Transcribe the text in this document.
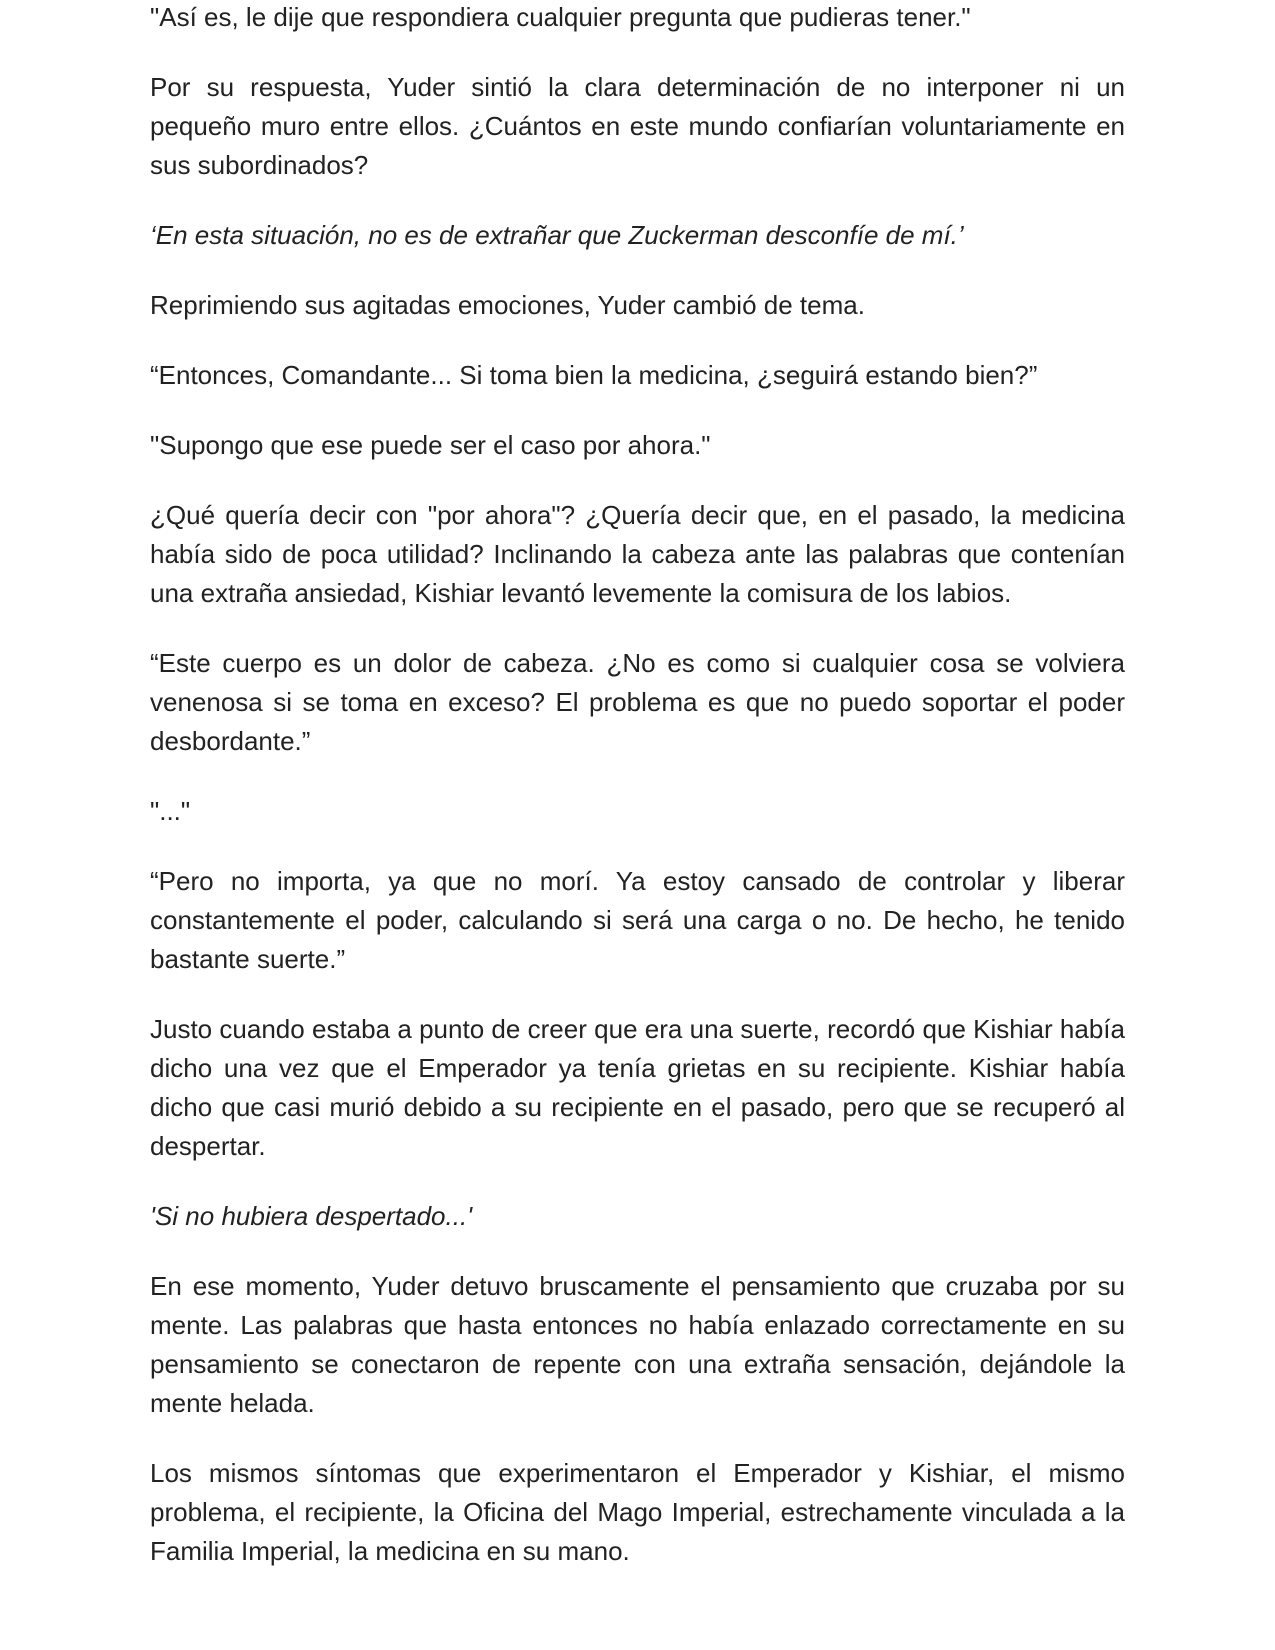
"Así es, le dije que respondiera cualquier pregunta que pudieras tener."

Por su respuesta, Yuder sintió la clara determinación de no interponer ni un pequeño muro entre ellos. ¿Cuántos en este mundo confiarían voluntariamente en sus subordinados?

‘En esta situación, no es de extrañar que Zuckerman desconfíe de mí.’

Reprimiendo sus agitadas emociones, Yuder cambió de tema.

“Entonces, Comandante... Si toma bien la medicina, ¿seguirá estando bien?”

"Supongo que ese puede ser el caso por ahora."

¿Qué quería decir con "por ahora"? ¿Quería decir que, en el pasado, la medicina había sido de poca utilidad? Inclinando la cabeza ante las palabras que contenían una extraña ansiedad, Kishiar levantó levemente la comisura de los labios.

“Este cuerpo es un dolor de cabeza. ¿No es como si cualquier cosa se volviera venenosa si se toma en exceso? El problema es que no puedo soportar el poder desbordante.”

"..."

“Pero no importa, ya que no morí. Ya estoy cansado de controlar y liberar constantemente el poder, calculando si será una carga o no. De hecho, he tenido bastante suerte.”

Justo cuando estaba a punto de creer que era una suerte, recordó que Kishiar había dicho una vez que el Emperador ya tenía grietas en su recipiente. Kishiar había dicho que casi murió debido a su recipiente en el pasado, pero que se recuperó al despertar.

'Si no hubiera despertado...'

En ese momento, Yuder detuvo bruscamente el pensamiento que cruzaba por su mente. Las palabras que hasta entonces no había enlazado correctamente en su pensamiento se conectaron de repente con una extraña sensación, dejándole la mente helada.

Los mismos síntomas que experimentaron el Emperador y Kishiar, el mismo problema, el recipiente, la Oficina del Mago Imperial, estrechamente vinculada a la Familia Imperial, la medicina en su mano.
